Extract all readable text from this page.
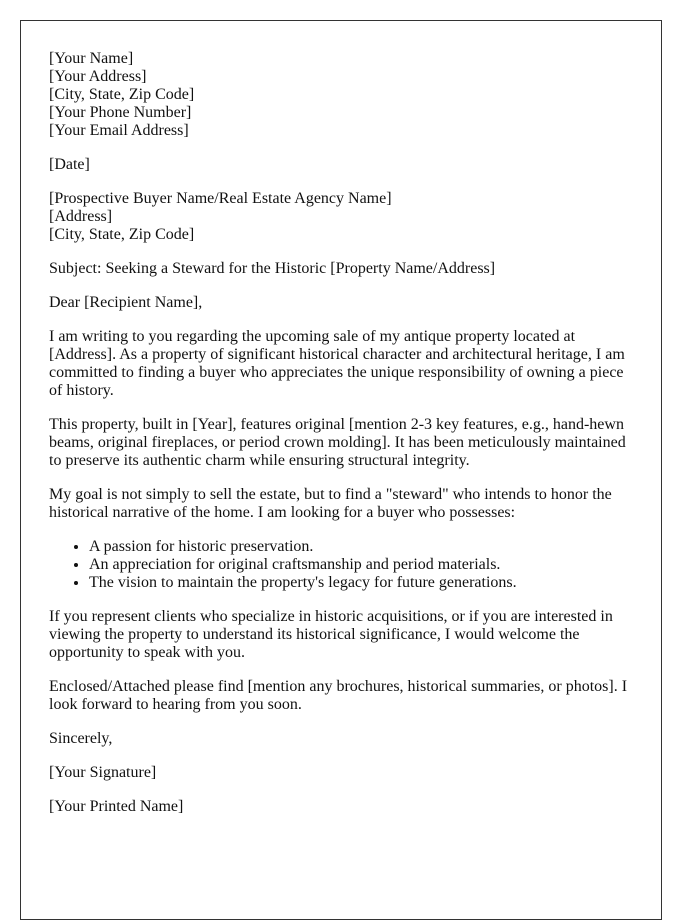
[Your Name]

[Your Address]

[City, State, Zip Code]

[Your Phone Number]

[Your Email Address]

[Date]

[Prospective Buyer Name/Real Estate Agency Name]

[Address]

[City, State, Zip Code]

Subject: Seeking a Steward for the Historic [Property Name/Address]

Dear [Recipient Name],

I am writing to you regarding the upcoming sale of my antique property located at [Address]. As a property of significant historical character and architectural heritage, I am committed to finding a buyer who appreciates the unique responsibility of owning a piece of history.

This property, built in [Year], features original [mention 2-3 key features, e.g., hand-hewn beams, original fireplaces, or period crown molding]. It has been meticulously maintained to preserve its authentic charm while ensuring structural integrity.

My goal is not simply to sell the estate, but to find a "steward" who intends to honor the historical narrative of the home. I am looking for a buyer who possesses:

• A passion for historic preservation.
• An appreciation for original craftsmanship and period materials.
• The vision to maintain the property's legacy for future generations.

If you represent clients who specialize in historic acquisitions, or if you are interested in viewing the property to understand its historical significance, I would welcome the opportunity to speak with you.

Enclosed/Attached please find [mention any brochures, historical summaries, or photos]. I look forward to hearing from you soon.

Sincerely,

[Your Signature]

[Your Printed Name]
